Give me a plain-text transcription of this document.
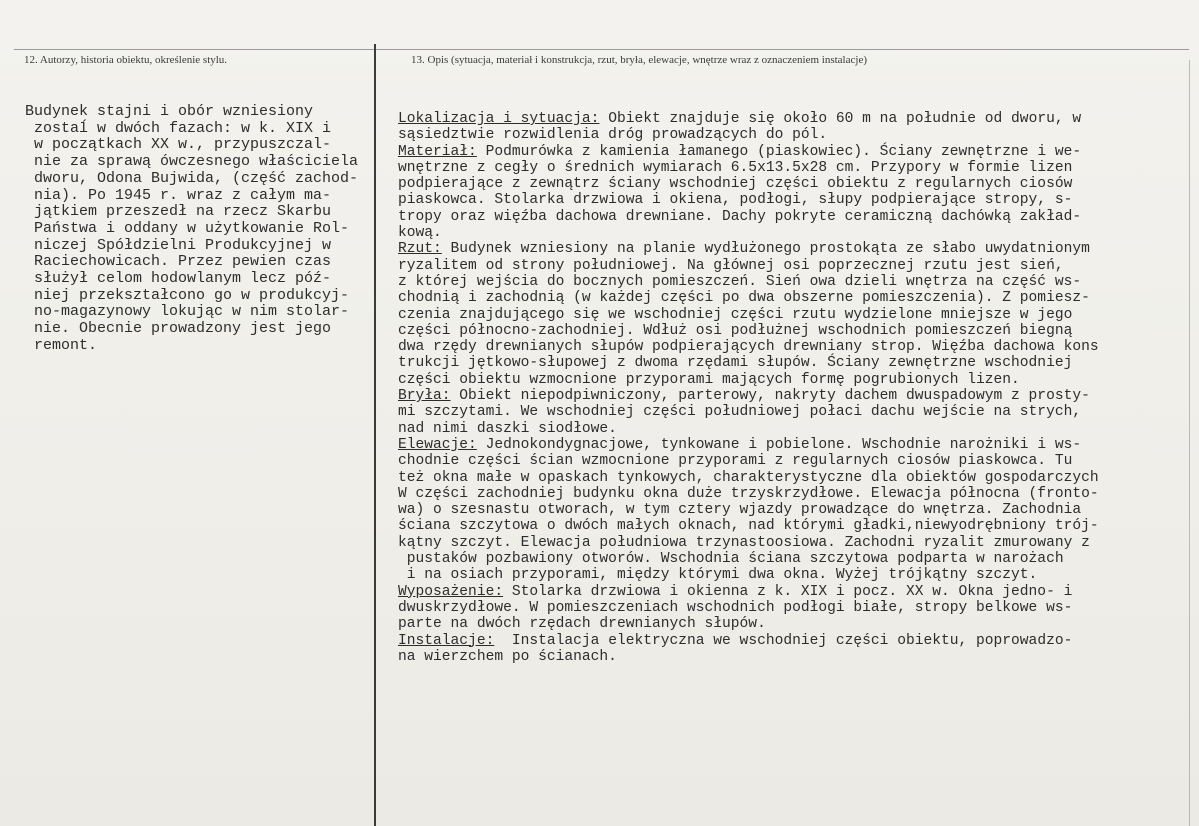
12. Autorzy, historia obiektu, określenie stylu.	13. Opis (sytuacja, materiał i konstrukcja, rzut, bryła, elewacje, wnętrze wraz z oznaczeniem instalacje)
Budynek stajni i obór wzniesiony
zostaĺ w dwóch fazach: w k. XIX i
w początkach XX w., przypuszczal-
nie za sprawą ówczesnego właściciela
dworu, Odona Bujwida, (część zachod-
nia). Po 1945 r. wraz z całym ma-
jątkiem przeszedł na rzecz Skarbu
Państwa i oddany w użytkowanie Rol-
niczej Spółdzielni Produkcyjnej w
Raciechowicach. Przez pewien czas
służył celom hodowlanym lecz póź-
niej przekształcono go w produkcyj-
no-magazynowy lokując w nim stolar-
nie. Obecnie prowadzony jest jego
remont.
Lokalizacja i sytuacja: Obiekt znajduje się około 60 m na południe od dworu, w
sąsiedztwie rozwidlenia dróg prowadzących do pól.
Materiał: Podmurówka z kamienia łamanego (piaskowiec). Ściany zewnętrzne i we-
wnętrzne z cegły o średnich wymiarach 6.5x13.5x28 cm. Przypory w formie lizen
podpierające z zewnątrz ściany wschodniej części obiektu z regularnych ciosów
piaskowca. Stolarka drzwiowa i okiena, podłogi, słupy podpierające stropy, s-
tropy oraz więźba dachowa drewniane. Dachy pokryte ceramiczną dachówką zakład-
kową.
Rzut: Budynek wzniesiony na planie wydłużonego prostokąta ze słabo uwydatnionym
ryzalitem od strony południowej. Na głównej osi poprzecznej rzutu jest sień,
z której wejścia do bocznych pomieszczeń. Sień owa dzieli wnętrza na część ws-
chodnią i zachodnią (w każdej części po dwa obszerne pomieszczenia). Z pomiesz-
czenia znajdującego się we wschodniej części rzutu wydzielone mniejsze w jego
części północno-zachodniej. Wdłuż osi podłużnej wschodnich pomieszczeń biegną
dwa rzędy drewnianych słupów podpierających drewniany strop. Więźba dachowa kons
trukcji jętkowo-słupowej z dwoma rzędami słupów. Ściany zewnętrzne wschodniej
części obiektu wzmocnione przyporami mających formę pogrubionych lizen.
Bryła: Obiekt niepodpiwniczony, parterowy, nakryty dachem dwuspadowym z prosty-
mi szczytami. We wschodniej części południowej połaci dachu wejście na strych,
nad nimi daszki siodłowe.
Elewacje: Jednokondygnacjowe, tynkowane i pobielone. Wschodnie narożniki i ws-
chodnie części ścian wzmocnione przyporami z regularnych ciosów piaskowca. Tu
też okna małe w opaskach tynkowych, charakterystyczne dla obiektów gospodarczych
W części zachodniej budynku okna duże trzyskrzydłowe. Elewacja północna (fronto-
wa) o szesnastu otworach, w tym cztery wjazdy prowadzące do wnętrza. Zachodnia
ściana szczytowa o dwóch małych oknach, nad którymi gładki,niewyodrębniony trój-
kątny szczyt. Elewacja południowa trzynastoosiowa. Zachodni ryzalit zmurowany z
pustaków pozbawiony otworów. Wschodnia ściana szczytowa podparta w narożach
i na osiach przyporami, między którymi dwa okna. Wyżej trójkątny szczyt.
Wyposażenie: Stolarka drzwiowa i okienna z k. XIX i pocz. XX w. Okna jedno- i
dwuskrzydłowe. W pomieszczeniach wschodnich podłogi białe, stropy belkowe ws-
parte na dwóch rzędach drewnianych słupów.
Instalacje:  Instalacja elektryczna we wschodniej części obiektu, poprowadzo-
na wierzchem po ścianach.
